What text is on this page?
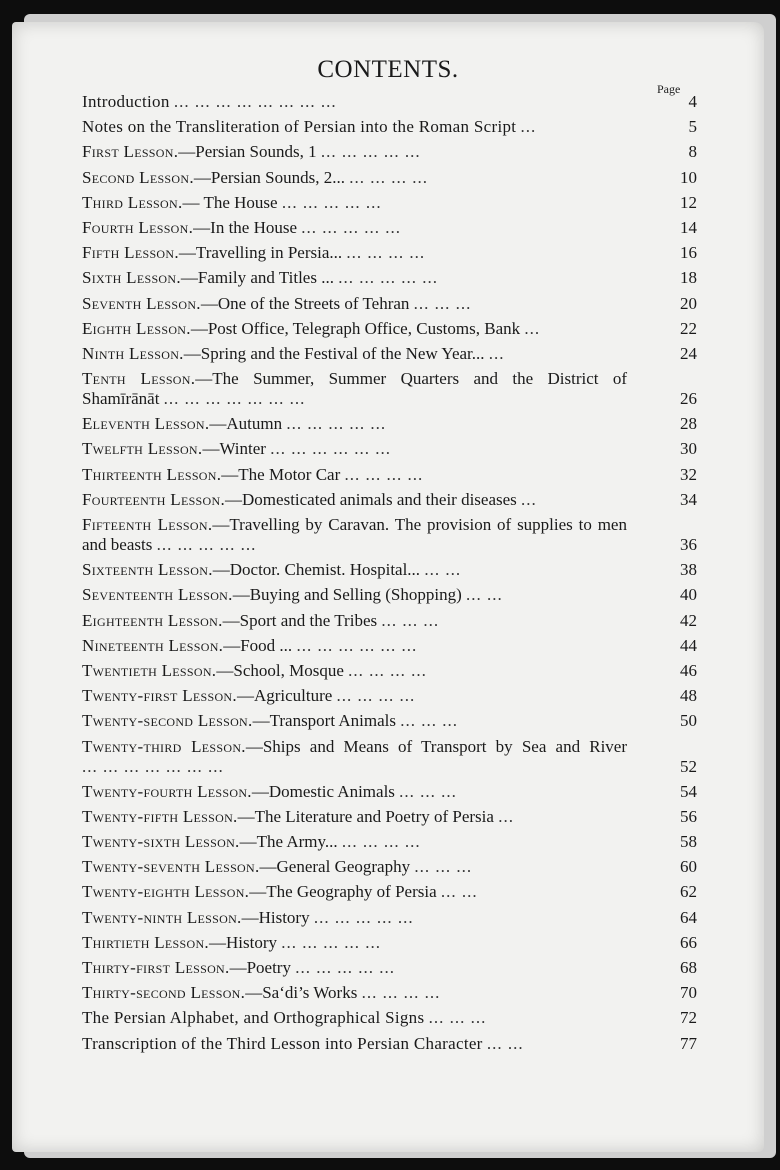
CONTENTS.
Page
Introduction ... ... ... ... ... ... ... ...	4
Notes on the Transliteration of Persian into the Roman Script ...	5
First Lesson.—Persian Sounds, 1 ... ... ... ... ...	8
Second Lesson.—Persian Sounds, 2... ... ... ... ...	10
Third Lesson.— The House ... ... ... ... ...	12
Fourth Lesson.—In the House ... ... ... ... ...	14
Fifth Lesson.—Travelling in Persia... ... ... ... ...	16
Sixth Lesson.—Family and Titles ... ... ... ... ... ...	18
Seventh Lesson.—One of the Streets of Tehran ... ... ...	20
Eighth Lesson.—Post Office, Telegraph Office, Customs, Bank ...	22
Ninth Lesson.—Spring and the Festival of the New Year... ...	24
Tenth Lesson.—The Summer, Summer Quarters and the District of Shamīrānāt ... ... ... ... ... ... ...	26
Eleventh Lesson.—Autumn ... ... ... ... ...	28
Twelfth Lesson.—Winter ... ... ... ... ... ...	30
Thirteenth Lesson.—The Motor Car ... ... ... ...	32
Fourteenth Lesson.—Domesticated animals and their diseases ...	34
Fifteenth Lesson.—Travelling by Caravan. The provision of supplies to men and beasts ... ... ... ... ...	36
Sixteenth Lesson.—Doctor. Chemist. Hospital... ... ...	38
Seventeenth Lesson.—Buying and Selling (Shopping) ... ...	40
Eighteenth Lesson.—Sport and the Tribes ... ... ...	42
Nineteenth Lesson.—Food ... ... ... ... ... ... ...	44
Twentieth Lesson.—School, Mosque ... ... ... ...	46
Twenty-first Lesson.—Agriculture ... ... ... ...	48
Twenty-second Lesson.—Transport Animals ... ... ...	50
Twenty-third Lesson.—Ships and Means of Transport by Sea and River ... ... ... ... ... ... ...	52
Twenty-fourth Lesson.—Domestic Animals ... ... ...	54
Twenty-fifth Lesson.—The Literature and Poetry of Persia ...	56
Twenty-sixth Lesson.—The Army... ... ... ... ...	58
Twenty-seventh Lesson.—General Geography ... ... ...	60
Twenty-eighth Lesson.—The Geography of Persia ... ...	62
Twenty-ninth Lesson.—History ... ... ... ... ...	64
Thirtieth Lesson.—History ... ... ... ... ...	66
Thirty-first Lesson.—Poetry ... ... ... ... ...	68
Thirty-second Lesson.—Sa‘di’s Works ... ... ... ...	70
The Persian Alphabet, and Orthographical Signs ... ... ...	72
Transcription of the Third Lesson into Persian Character ... ...	77
